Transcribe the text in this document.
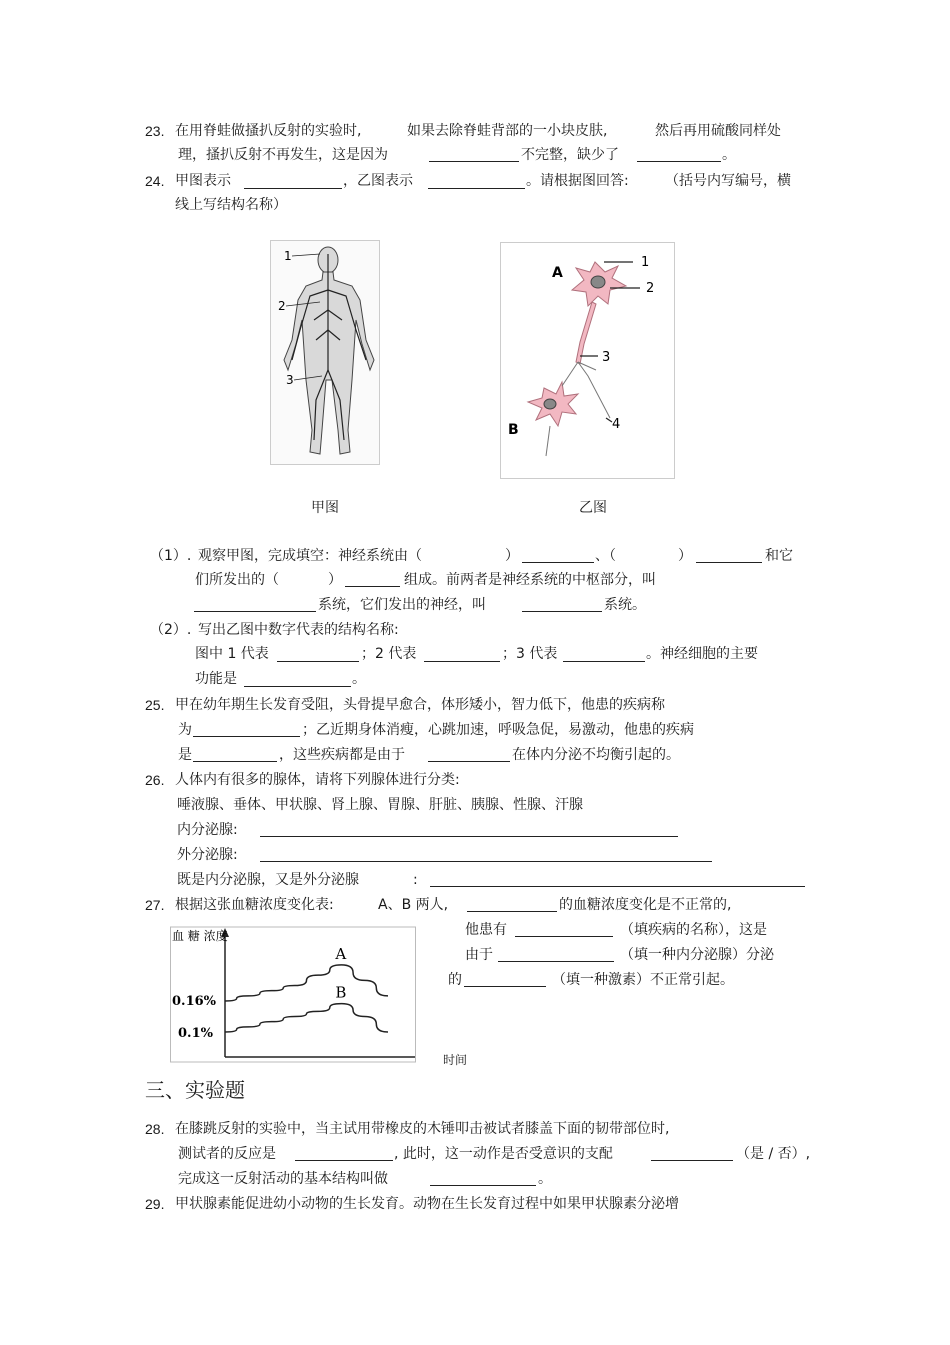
23. 在用脊蛙做搔扒反射的实验时,	如果去除脊蛙背部的一小块皮肤,	然后再用硫酸同样处
理，搔扒反射不再发生，这是因为	不完整，缺少了	。
24. 甲图表示	，乙图表示	。请根据图回答:	（括号内写编号，横
线上写结构名称）
1
2
3
1
2
3
4
A
B
甲图	乙图
（1）. 观察甲图，完成填空：神经系统由（	）	、（	）	和它
们所发出的（	）	组成。前两者是神经系统的中枢部分，叫
系统，它们发出的神经，叫	系统。
（2）. 写出乙图中数字代表的结构名称:
图中 1 代表	；2 代表	；3 代表	。神经细胞的主要
功能是	。
25. 甲在幼年期生长发育受阻，头骨提早愈合，体形矮小，智力低下，他患的疾病称
为	；乙近期身体消瘦，心跳加速，呼吸急促，易激动，他患的疾病
是	，这些疾病都是由于	在体内分泌不均衡引起的。
26. 人体内有很多的腺体，请将下列腺体进行分类:
唾液腺、垂体、甲状腺、肾上腺、胃腺、肝脏、胰腺、性腺、汗腺
内分泌腺:
外分泌腺:
既是内分泌腺，又是外分泌腺	:
27. 根据这张血糖浓度变化表:	A、B 两人,	的血糖浓度变化是不正常的,
他患有	（填疾病的名称），这是
由于	（填一种内分泌腺）分泌
的	（填一种激素）不正常引起。
血 糖 浓度
0.16%
0.1%
A
B
时间
三、实验题
28. 在膝跳反射的实验中，当主试用带橡皮的木锤叩击被试者膝盖下面的韧带部位时,
测试者的反应是	, 此时，这一动作是否受意识的支配	（是 / 否）,
完成这一反射活动的基本结构叫做	。
29. 甲状腺素能促进幼小动物的生长发育。动物在生长发育过程中如果甲状腺素分泌增
